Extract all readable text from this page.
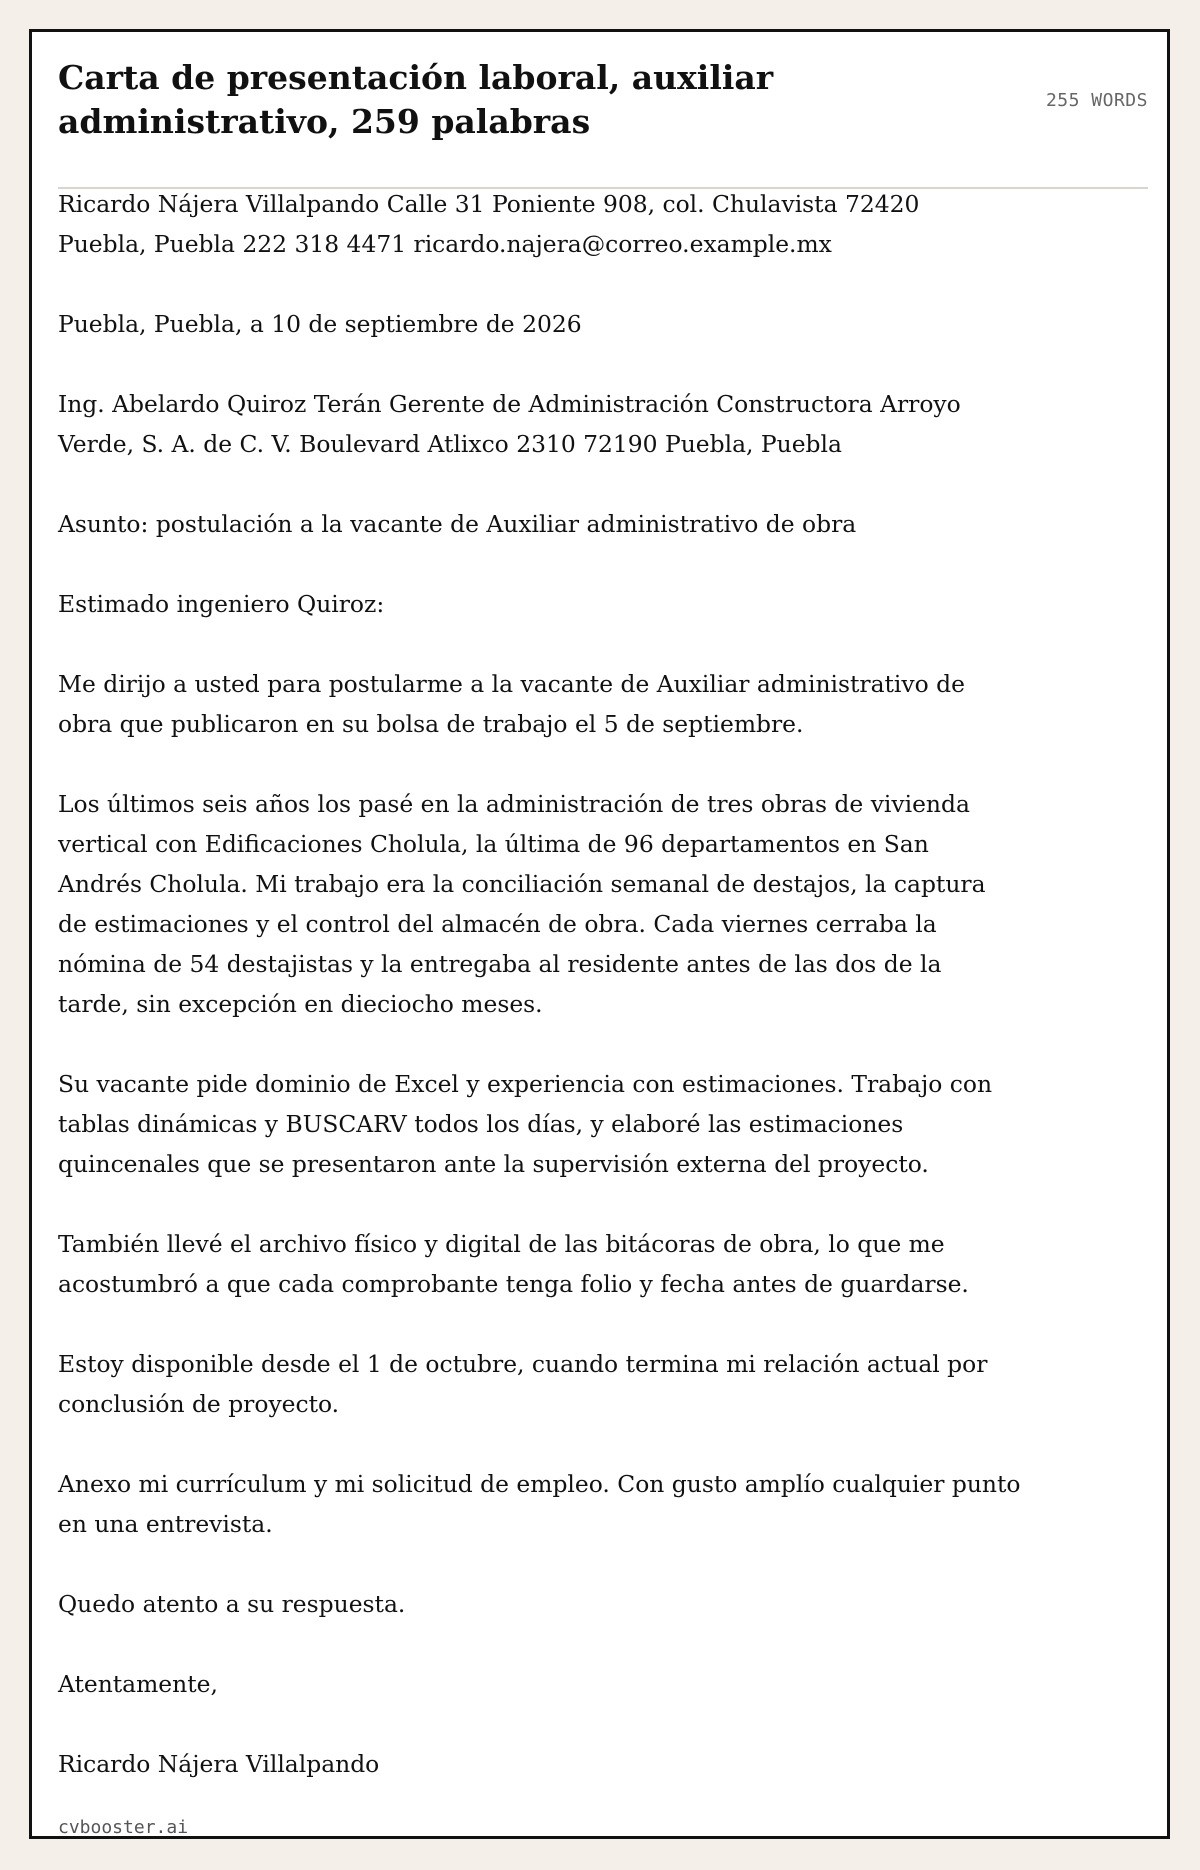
Carta de presentación laboral, auxiliar
administrativo, 259 palabras
255 WORDS

Ricardo Nájera Villalpando Calle 31 Poniente 908, col. Chulavista 72420
Puebla, Puebla 222 318 4471 ricardo.najera@correo.example.mx

Puebla, Puebla, a 10 de septiembre de 2026

Ing. Abelardo Quiroz Terán Gerente de Administración Constructora Arroyo
Verde, S. A. de C. V. Boulevard Atlixco 2310 72190 Puebla, Puebla

Asunto: postulación a la vacante de Auxiliar administrativo de obra

Estimado ingeniero Quiroz:

Me dirijo a usted para postularme a la vacante de Auxiliar administrativo de
obra que publicaron en su bolsa de trabajo el 5 de septiembre.

Los últimos seis años los pasé en la administración de tres obras de vivienda
vertical con Edificaciones Cholula, la última de 96 departamentos en San
Andrés Cholula. Mi trabajo era la conciliación semanal de destajos, la captura
de estimaciones y el control del almacén de obra. Cada viernes cerraba la
nómina de 54 destajistas y la entregaba al residente antes de las dos de la
tarde, sin excepción en dieciocho meses.

Su vacante pide dominio de Excel y experiencia con estimaciones. Trabajo con
tablas dinámicas y BUSCARV todos los días, y elaboré las estimaciones
quincenales que se presentaron ante la supervisión externa del proyecto.

También llevé el archivo físico y digital de las bitácoras de obra, lo que me
acostumbró a que cada comprobante tenga folio y fecha antes de guardarse.

Estoy disponible desde el 1 de octubre, cuando termina mi relación actual por
conclusión de proyecto.

Anexo mi currículum y mi solicitud de empleo. Con gusto amplío cualquier punto
en una entrevista.

Quedo atento a su respuesta.

Atentamente,

Ricardo Nájera Villalpando

cvbooster.ai
